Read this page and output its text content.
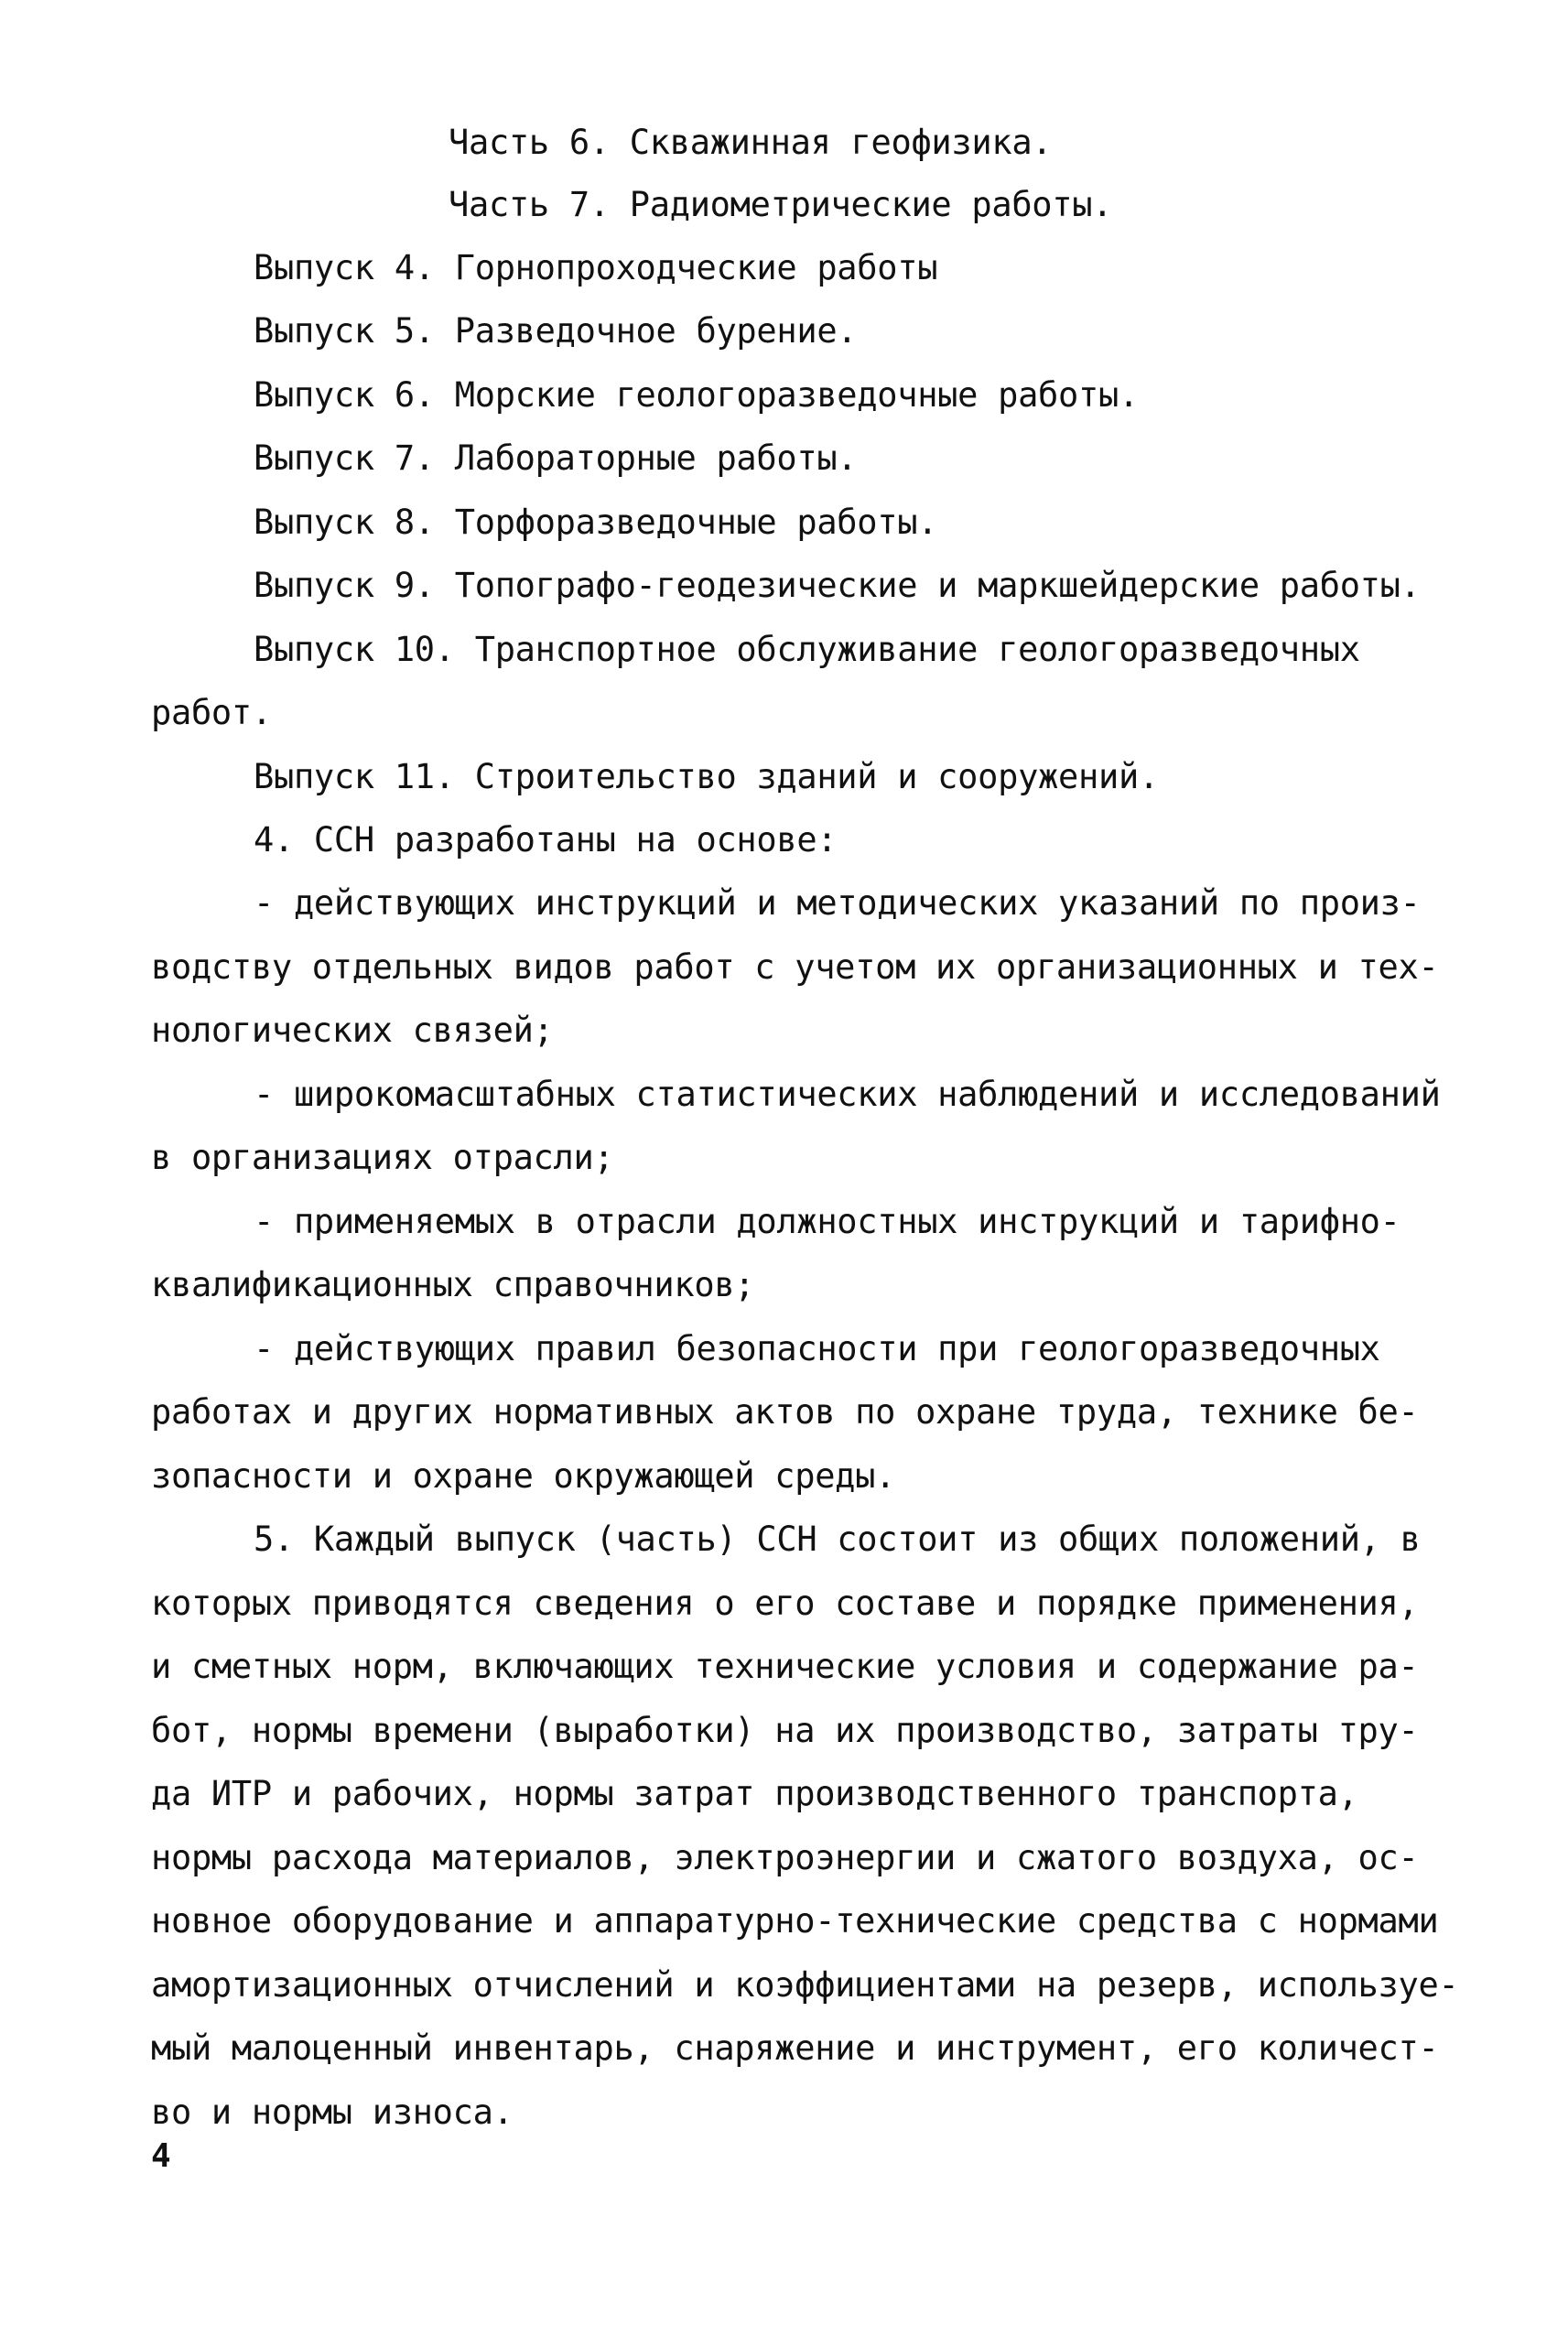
Часть 6. Скважинная геофизика.
Часть 7. Радиометрические работы.
Выпуск 4. Горнопроходческие работы
Выпуск 5. Разведочное бурение.
Выпуск 6. Морские геологоразведочные работы.
Выпуск 7. Лабораторные работы.
Выпуск 8. Торфоразведочные работы.
Выпуск 9. Топографо-геодезические и маркшейдерские работы.
Выпуск 10. Транспортное обслуживание геологоразведочных
работ.
Выпуск 11. Строительство зданий и сооружений.
4. ССН разработаны на основе:
- действующих инструкций и методических указаний по произ-
водству отдельных видов работ с учетом их организационных и тех-
нологических связей;
- широкомасштабных статистических наблюдений и исследований
в организациях отрасли;
- применяемых в отрасли должностных инструкций и тарифно-
квалификационных справочников;
- действующих правил безопасности при геологоразведочных
работах и других нормативных актов по охране труда, технике бе-
зопасности и охране окружающей среды.
5. Каждый выпуск (часть) ССН состоит из общих положений, в
которых приводятся сведения о его составе и порядке применения,
и сметных норм, включающих технические условия и содержание ра-
бот, нормы времени (выработки) на их производство, затраты тру-
да ИТР и рабочих, нормы затрат производственного транспорта,
нормы расхода материалов, электроэнергии и сжатого воздуха, ос-
новное оборудование и аппаратурно-технические средства с нормами
амортизационных отчислений и коэффициентами на резерв, используе-
мый малоценный инвентарь, снаряжение и инструмент, его количест-
во и нормы износа.
4
